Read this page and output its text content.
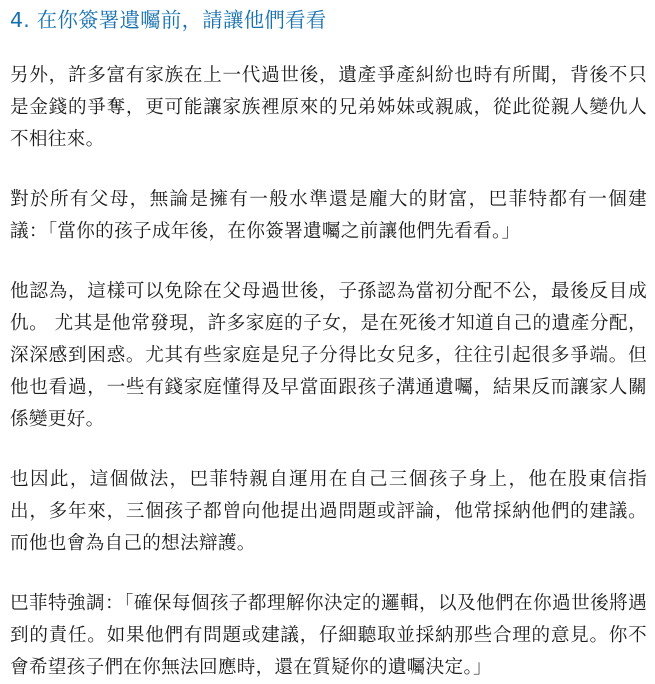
4. 在你簽署遺囑前，請讓他們看看

另外，許多富有家族在上一代過世後，遺產爭產糾紛也時有所聞，背後不只是金錢的爭奪，更可能讓家族裡原來的兄弟姊妹或親戚，從此從親人變仇人不相往來。

對於所有父母，無論是擁有一般水準還是龐大的財富，巴菲特都有一個建議：「當你的孩子成年後，在你簽署遺囑之前讓他們先看看。」

他認為，這樣可以免除在父母過世後，子孫認為當初分配不公，最後反目成仇。 尤其是他常發現，許多家庭的子女，是在死後才知道自己的遺產分配，深深感到困惑。尤其有些家庭是兒子分得比女兒多，往往引起很多爭端。但他也看過，一些有錢家庭懂得及早當面跟孩子溝通遺囑，結果反而讓家人關係變更好。

也因此，這個做法，巴菲特親自運用在自己三個孩子身上，他在股東信指出，多年來，三個孩子都曾向他提出過問題或評論，他常採納他們的建議。而他也會為自己的想法辯護。

巴菲特強調：「確保每個孩子都理解你決定的邏輯，以及他們在你過世後將遇到的責任。如果他們有問題或建議，仔細聽取並採納那些合理的意見。你不會希望孩子們在你無法回應時，還在質疑你的遺囑決定。」
